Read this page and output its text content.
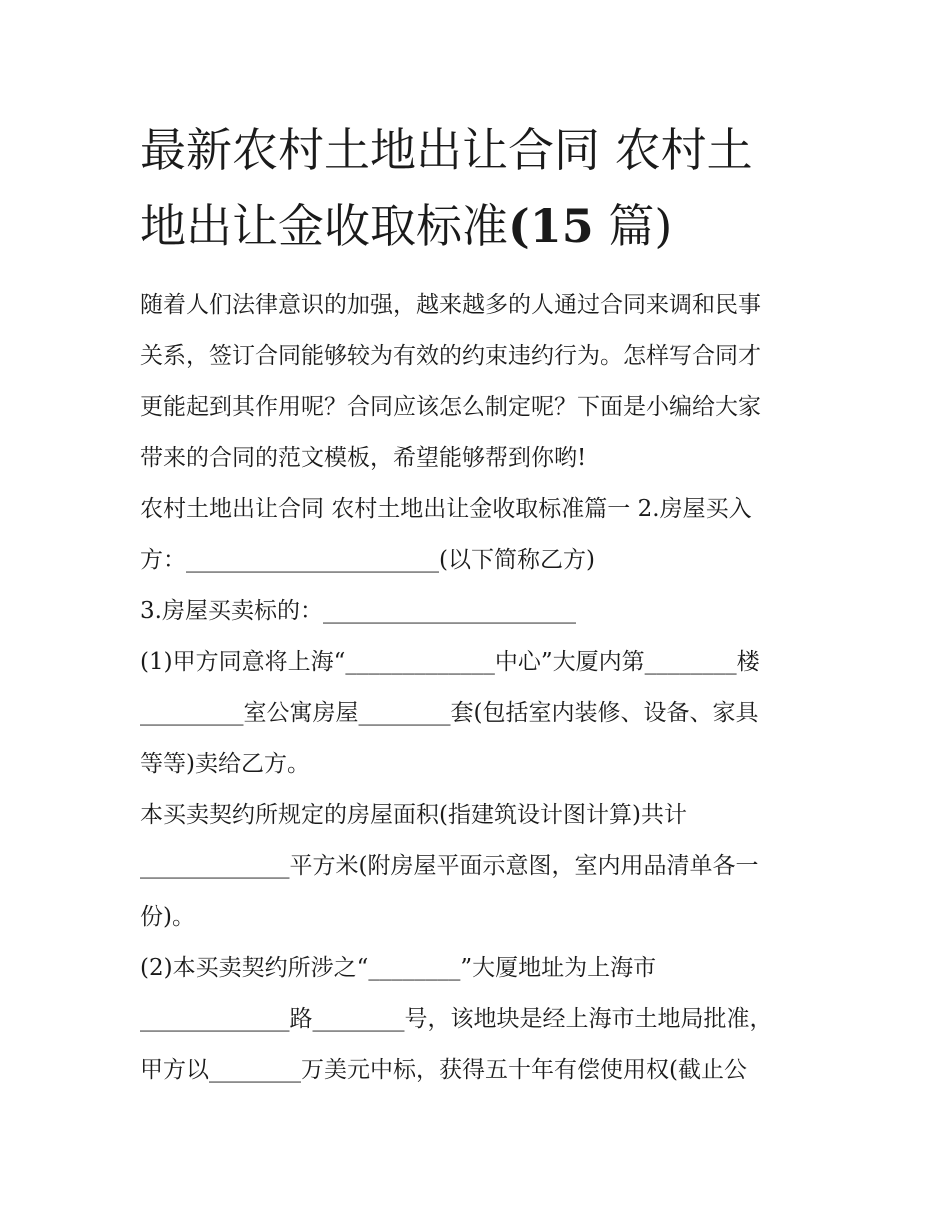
最新农村土地出让合同 农村土
地出让金收取标准(15 篇)
随着人们法律意识的加强，越来越多的人通过合同来调和民事
关系，签订合同能够较为有效的约束违约行为。怎样写合同才
更能起到其作用呢？合同应该怎么制定呢？下面是小编给大家
带来的合同的范文模板，希望能够帮到你哟!
农村土地出让合同 农村土地出让金收取标准篇一 2.房屋买入
方：______________________(以下简称乙方)
3.房屋买卖标的：______________________
(1)甲方同意将上海“_____________中心”大厦内第________楼
_________室公寓房屋________套(包括室内装修、设备、家具
等等)卖给乙方。
本买卖契约所规定的房屋面积(指建筑设计图计算)共计
_____________平方米(附房屋平面示意图，室内用品清单各一
份)。
(2)本买卖契约所涉之“________”大厦地址为上海市
_____________路________号，该地块是经上海市土地局批准，
甲方以________万美元中标，获得五十年有偿使用权(截止公
